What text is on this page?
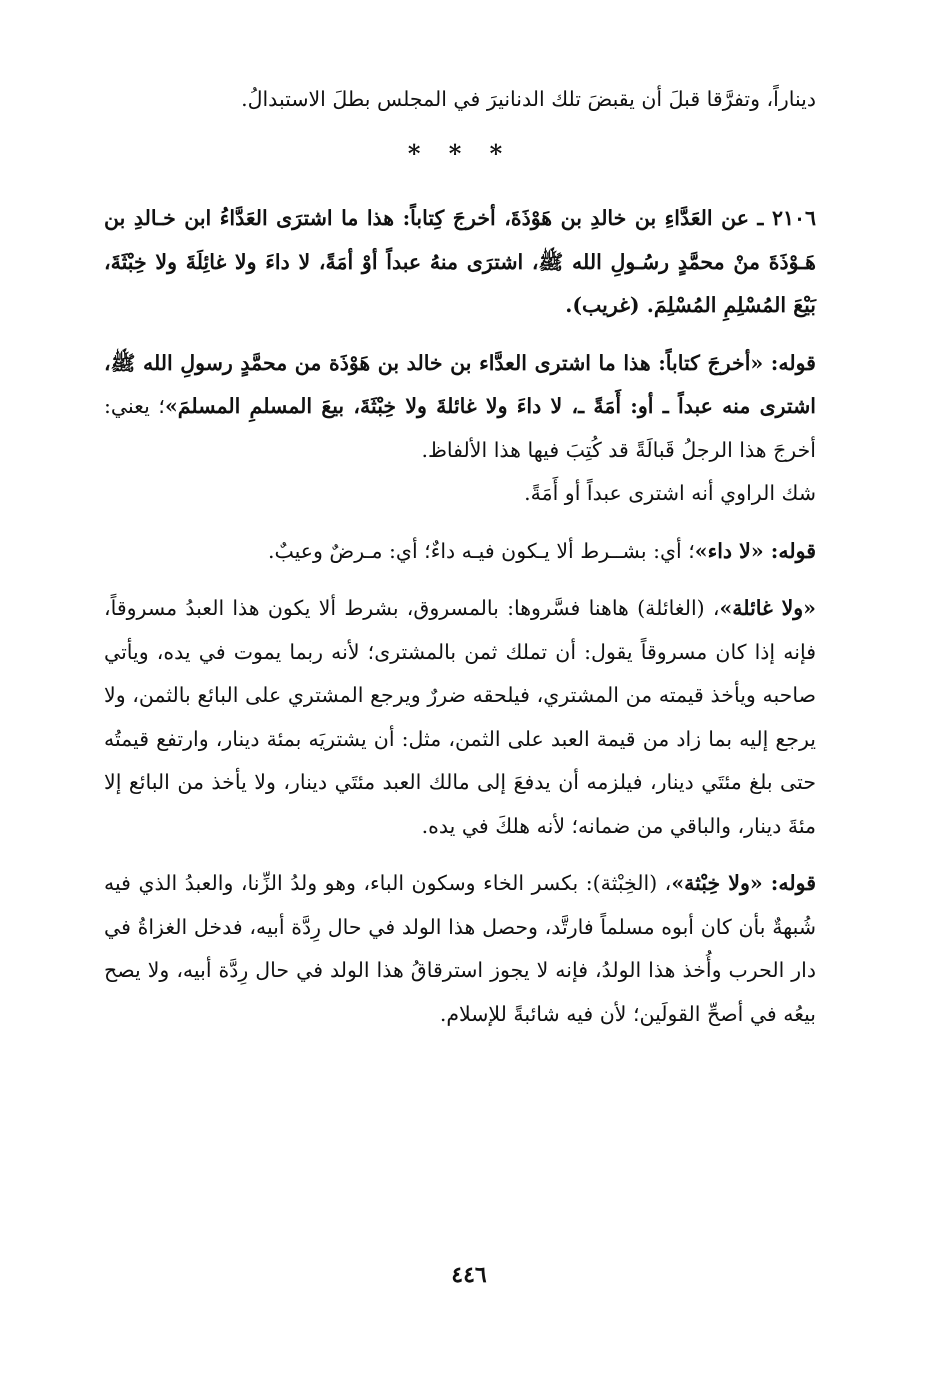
ديناراً، وتفرَّقا قبلَ أن يقبضَ تلك الدنانيرَ في المجلس بطلَ الاستبدالُ.

* * *

٢١٠٦ ـ عن العَدَّاءِ بن خالدِ بن هَوْذَةَ، أخرجَ كِتاباً: هذا ما اشترَى العَدَّاءُ ابن خـالدِ بن هَـوْذَةَ منْ محمَّدٍ رسُـولِ الله ﷺ، اشترَى منهُ عبداً أوْ أمَةً، لا داءَ ولا غائِلَةَ ولا خِبْثَةَ، بَيْعَ المُسْلِمِ المُسْلِمَ. (غريب).

قوله: «أخرجَ كتاباً: هذا ما اشترى العدَّاء بن خالد بن هَوْذَة من محمَّدٍ رسولِ الله ﷺ، اشترى منه عبداً ـ أو: أَمَةً ـ، لا داءَ ولا غائلةَ ولا خِبْثَةَ، بيعَ المسلمِ المسلمَ»؛ يعني: أخرجَ هذا الرجلُ قَبالَةً قد كُتِبَ فيها هذا الألفاظ.

شك الراوي أنه اشترى عبداً أو أَمَةً.

قوله: «لا داء»؛ أي: بشــرط ألا يـكون فيـه داءٌ؛ أي: مـرضٌ وعيبٌ.

«ولا غائلة»، (الغائلة) هاهنا فسَّروها: بالمسروق، بشرط ألا يكون هذا العبدُ مسروقاً، فإنه إذا كان مسروقاً يقول: أن تملك ثمن بالمشترى؛ لأنه ربما يموت في يده، ويأتي صاحبه ويأخذ قيمته من المشتري، فيلحقه ضررٌ ويرجع المشتري على البائع بالثمن، ولا يرجع إليه بما زاد من قيمة العبد على الثمن، مثل: أن يشتريَه بمئة دينار، وارتفع قيمتُه حتى بلغ مئتَي دينار، فيلزمه أن يدفعَ إلى مالك العبد مئتَي دينار، ولا يأخذ من البائع إلا مئةَ دينار، والباقي من ضمانه؛ لأنه هلكَ في يده.

قوله: «ولا خِبْثة»، (الخِبْثة): بكسر الخاء وسكون الباء، وهو ولدُ الزِّنا، والعبدُ الذي فيه شُبهةٌ بأن كان أبوه مسلماً فارتَّد، وحصل هذا الولد في حال رِدَّة أبيه، فدخل الغزاةُ في دار الحرب وأُخذ هذا الولدُ، فإنه لا يجوز استرقاقُ هذا الولد في حال رِدَّة أبيه، ولا يصح بيعُه في أصحِّ القولَين؛ لأن فيه شائبةً للإسلام.

٤٤٦
